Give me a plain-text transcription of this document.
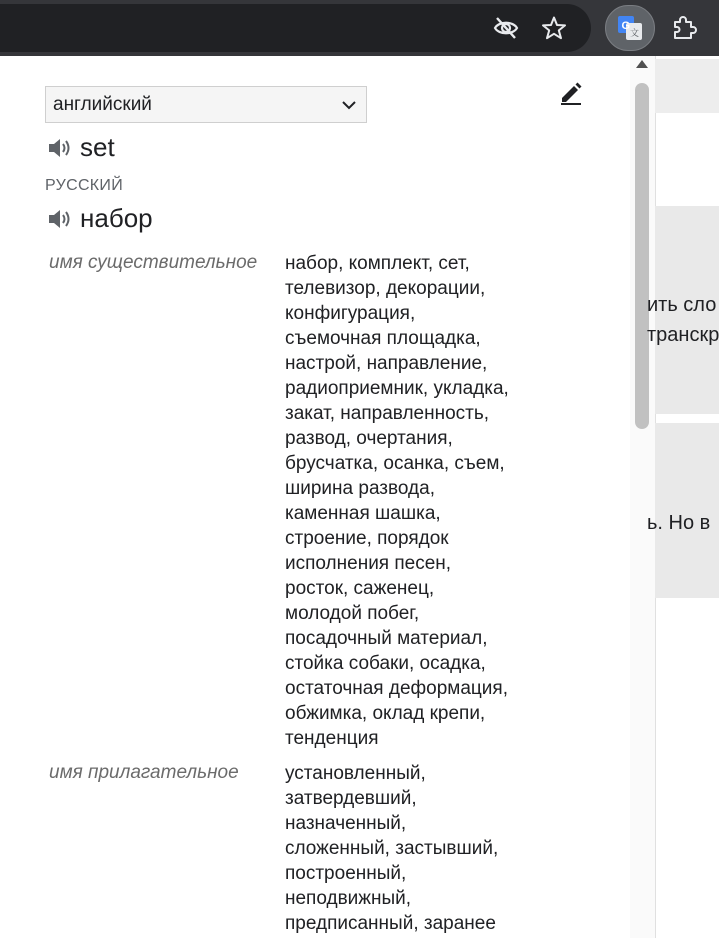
G
文
ить сло
транскр
ь. Но в
английский
set
РУССКИЙ
набор
имя существительное набор, комплект, сет,
телевизор, декорации,
конфигурация,
съемочная площадка,
настрой, направление,
радиоприемник, укладка,
закат, направленность,
развод, очертания,
брусчатка, осанка, съем,
ширина развода,
каменная шашка,
строение, порядок
исполнения песен,
росток, саженец,
молодой побег,
посадочный материал,
стойка собаки, осадка,
остаточная деформация,
обжимка, оклад крепи,
тенденция
имя прилагательное установленный,
затвердевший,
назначенный,
сложенный, застывший,
построенный,
неподвижный,
предписанный, заранее
